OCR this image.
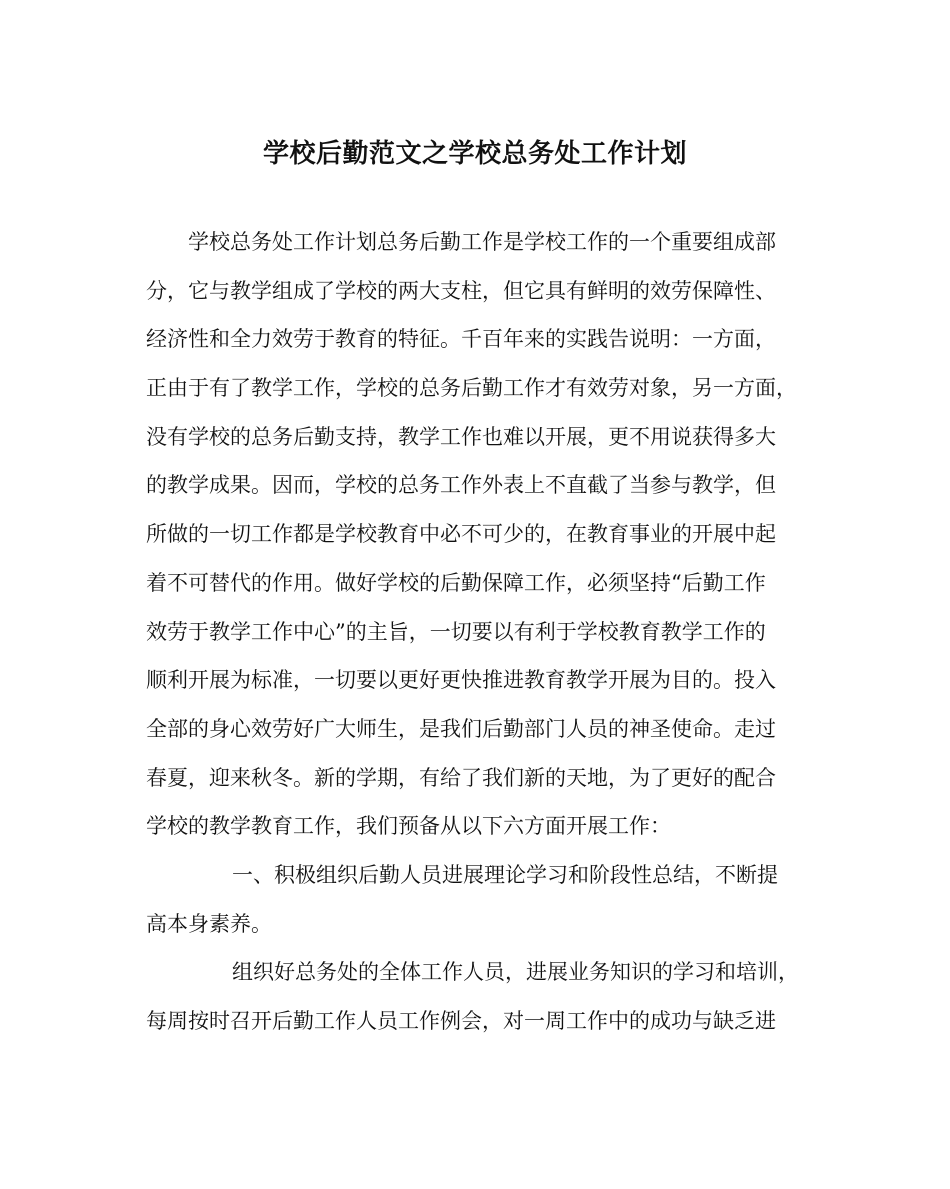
学校后勤范文之学校总务处工作计划
学校总务处工作计划总务后勤工作是学校工作的一个重要组成部
分，它与教学组成了学校的两大支柱，但它具有鲜明的效劳保障性、
经济性和全力效劳于教育的特征。千百年来的实践告说明：一方面，
正由于有了教学工作，学校的总务后勤工作才有效劳对象，另一方面，
没有学校的总务后勤支持，教学工作也难以开展，更不用说获得多大
的教学成果。因而，学校的总务工作外表上不直截了当参与教学，但
所做的一切工作都是学校教育中必不可少的，在教育事业的开展中起
着不可替代的作用。做好学校的后勤保障工作，必须坚持“后勤工作
效劳于教学工作中心”的主旨，一切要以有利于学校教育教学工作的
顺利开展为标准，一切要以更好更快推进教育教学开展为目的。投入
全部的身心效劳好广大师生，是我们后勤部门人员的神圣使命。走过
春夏，迎来秋冬。新的学期，有给了我们新的天地，为了更好的配合
学校的教学教育工作，我们预备从以下六方面开展工作：
一、积极组织后勤人员进展理论学习和阶段性总结，不断提
高本身素养。
组织好总务处的全体工作人员，进展业务知识的学习和培训，
每周按时召开后勤工作人员工作例会，对一周工作中的成功与缺乏进
